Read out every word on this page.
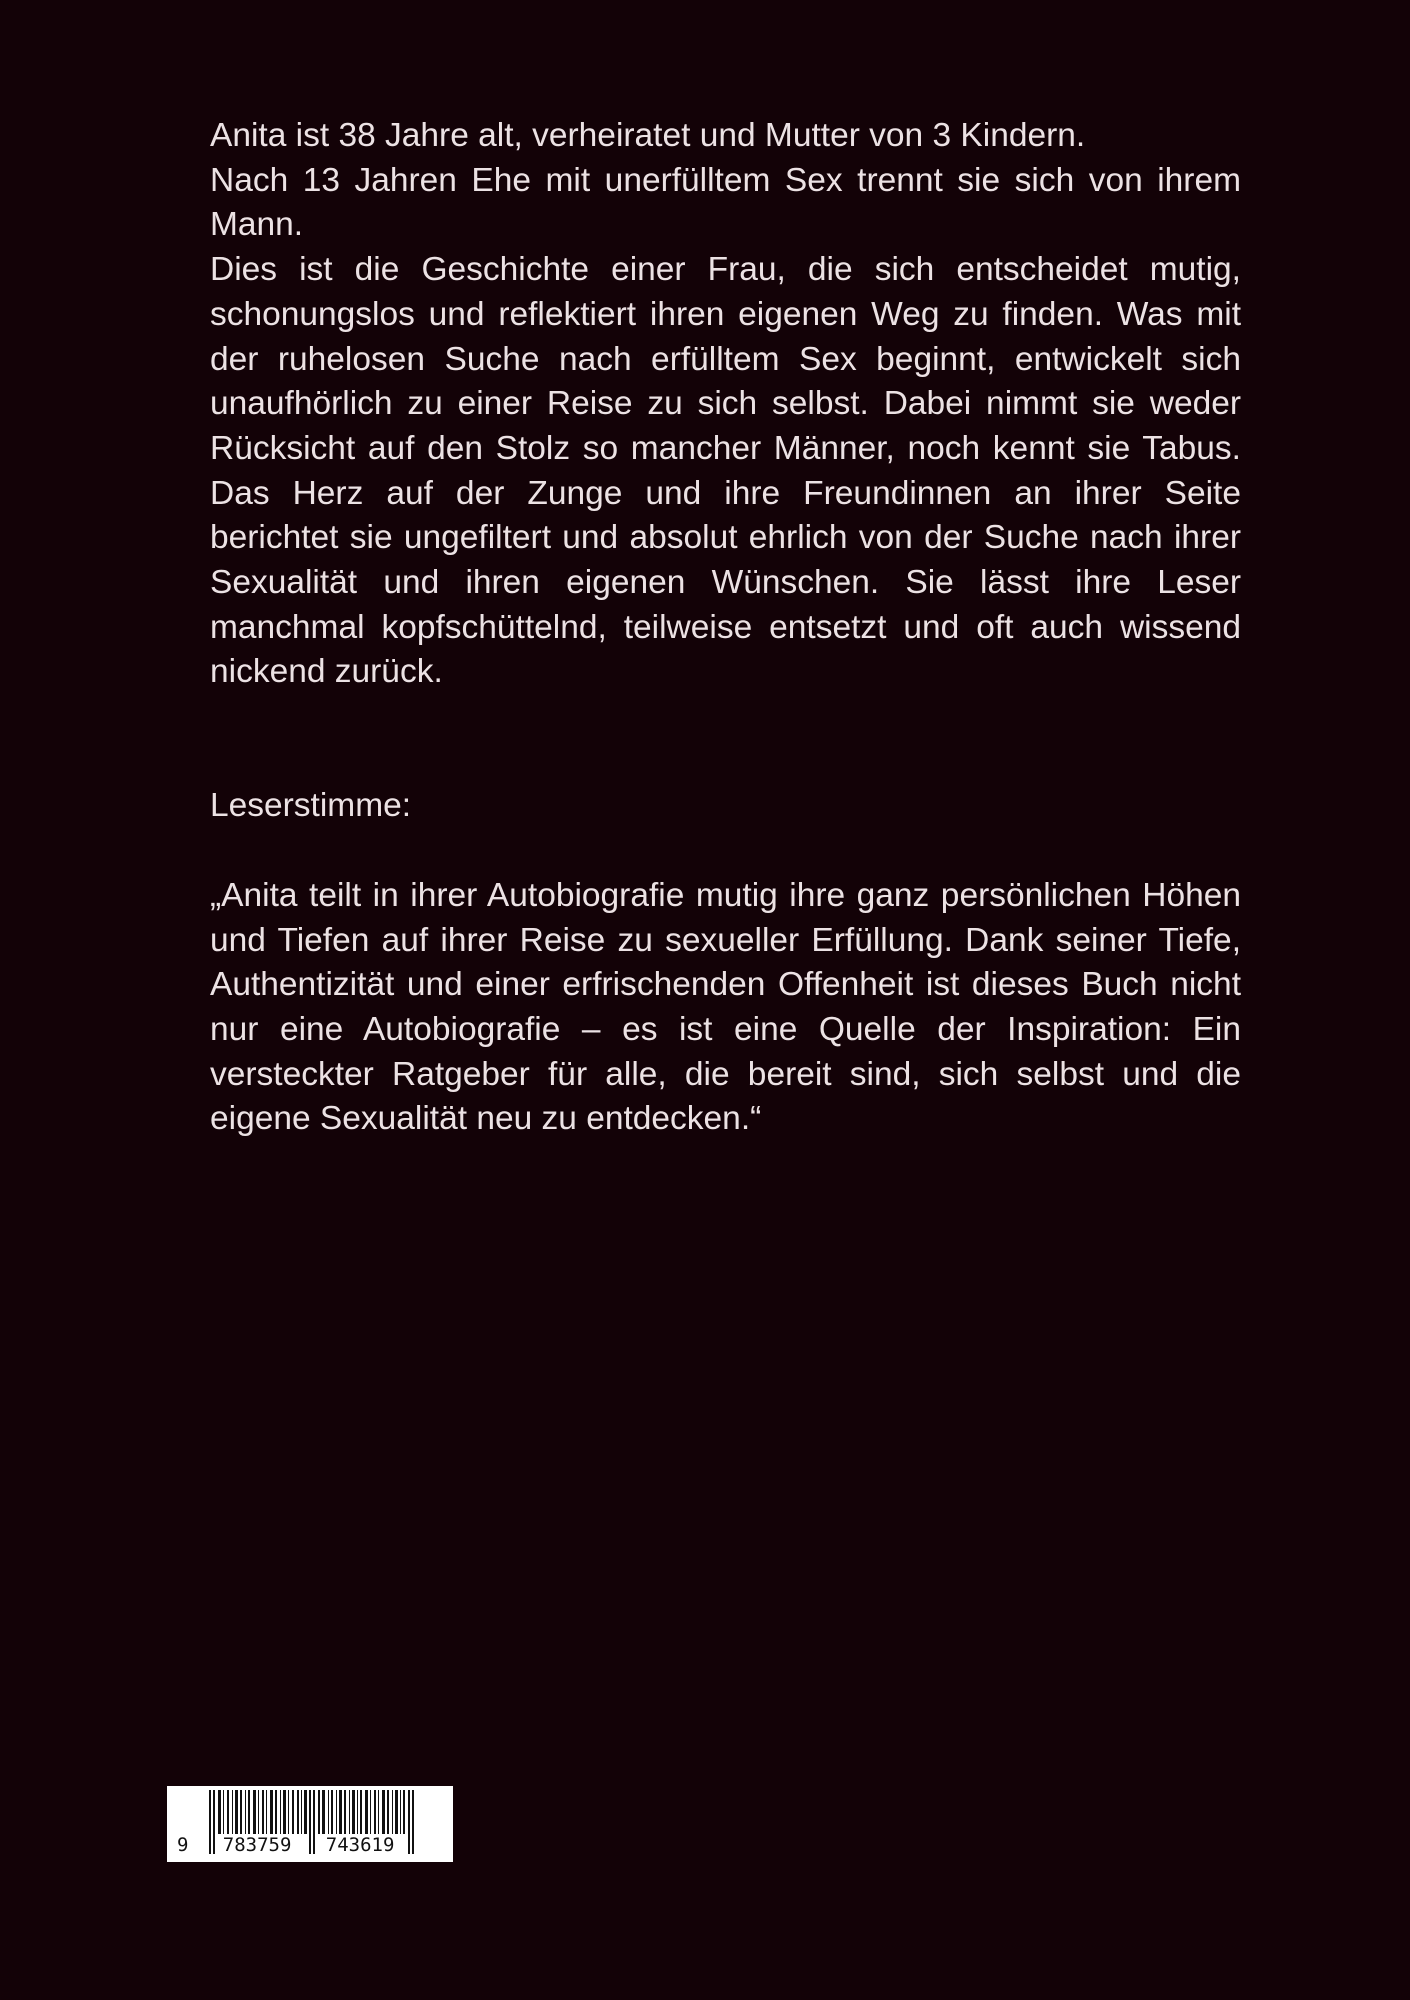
Anita ist 38 Jahre alt, verheiratet und Mutter von 3 Kindern.

Nach 13 Jahren Ehe mit unerfülltem Sex trennt sie sich von ihrem Mann.

Dies ist die Geschichte einer Frau, die sich entscheidet mutig, schonungslos und reflektiert ihren eigenen Weg zu finden. Was mit der ruhelosen Suche nach erfülltem Sex beginnt, entwickelt sich unaufhörlich zu einer Reise zu sich selbst. Dabei nimmt sie weder Rücksicht auf den Stolz so mancher Männer, noch kennt sie Tabus. Das Herz auf der Zunge und ihre Freundinnen an ihrer Seite berichtet sie ungefiltert und absolut ehrlich von der Suche nach ihrer Sexualität und ihren eigenen Wünschen. Sie lässt ihre Leser manchmal kopfschüttelnd, teilweise entsetzt und oft auch wissend nickend zurück.

Leserstimme:

„Anita teilt in ihrer Autobiografie mutig ihre ganz persönlichen Höhen und Tiefen auf ihrer Reise zu sexueller Erfüllung. Dank seiner Tiefe, Authentizität und einer erfrischenden Offenheit ist dieses Buch nicht nur eine Autobiografie – es ist eine Quelle der Inspiration: Ein versteckter Ratgeber für alle, die bereit sind, sich selbst und die eigene Sexualität neu zu entdecken.“

9 783759 743619
